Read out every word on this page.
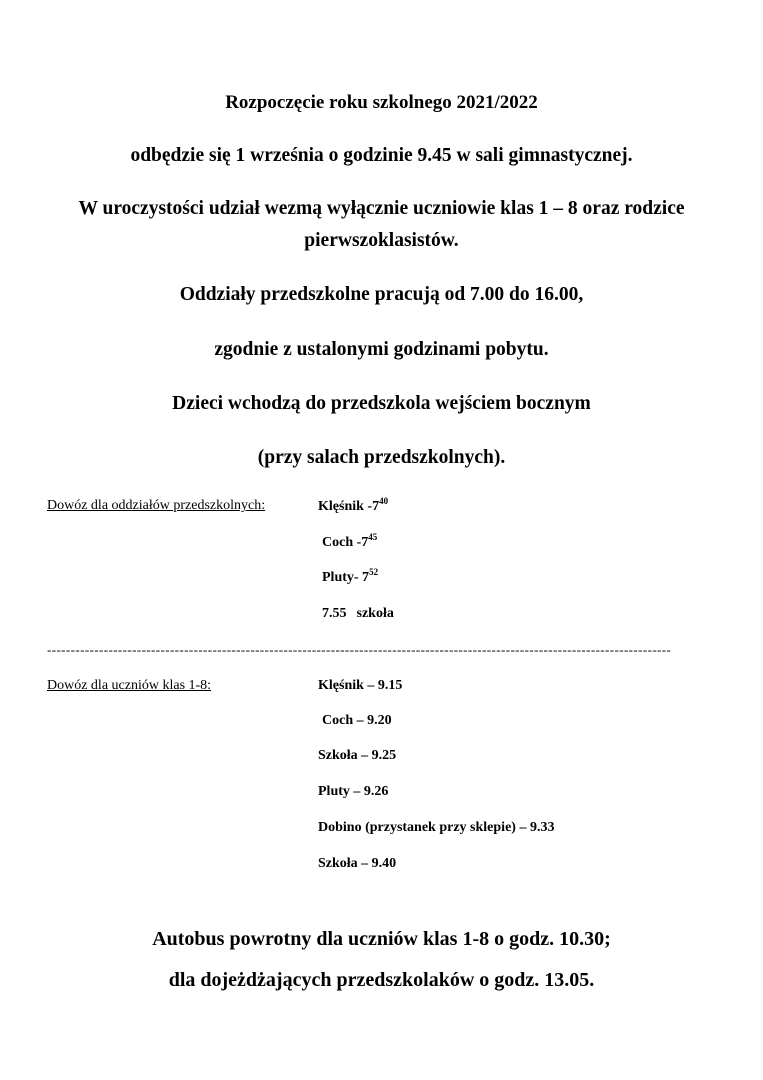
Rozpoczęcie roku szkolnego 2021/2022
odbędzie się 1 września o godzinie 9.45 w sali gimnastycznej.
W uroczystości udział wezmą wyłącznie uczniowie klas 1 – 8 oraz rodzice
pierwszoklasistów.
Oddziały przedszkolne pracują od 7.00 do 16.00,
zgodnie z ustalonymi godzinami pobytu.
Dzieci wchodzą do przedszkola wejściem bocznym
(przy salach przedszkolnych).
Dowóz dla oddziałów przedszkolnych:	Klęśnik $-7^{40}$
Coch $-7^{45}$
Pluty- $7^{52}$
7.55 szkoła
------------------------------------------------------------------------------------------------------------------------------------
Dowóz dla uczniów klas 1-8:	Klęśnik – 9.15
Coch – 9.20
Szkoła – 9.25
Pluty – 9.26
Dobino (przystanek przy sklepie) – 9.33
Szkoła – 9.40
Autobus powrotny dla uczniów klas 1-8 o godz. 10.30;
dla dojeżdżających przedszkolaków o godz. 13.05.
